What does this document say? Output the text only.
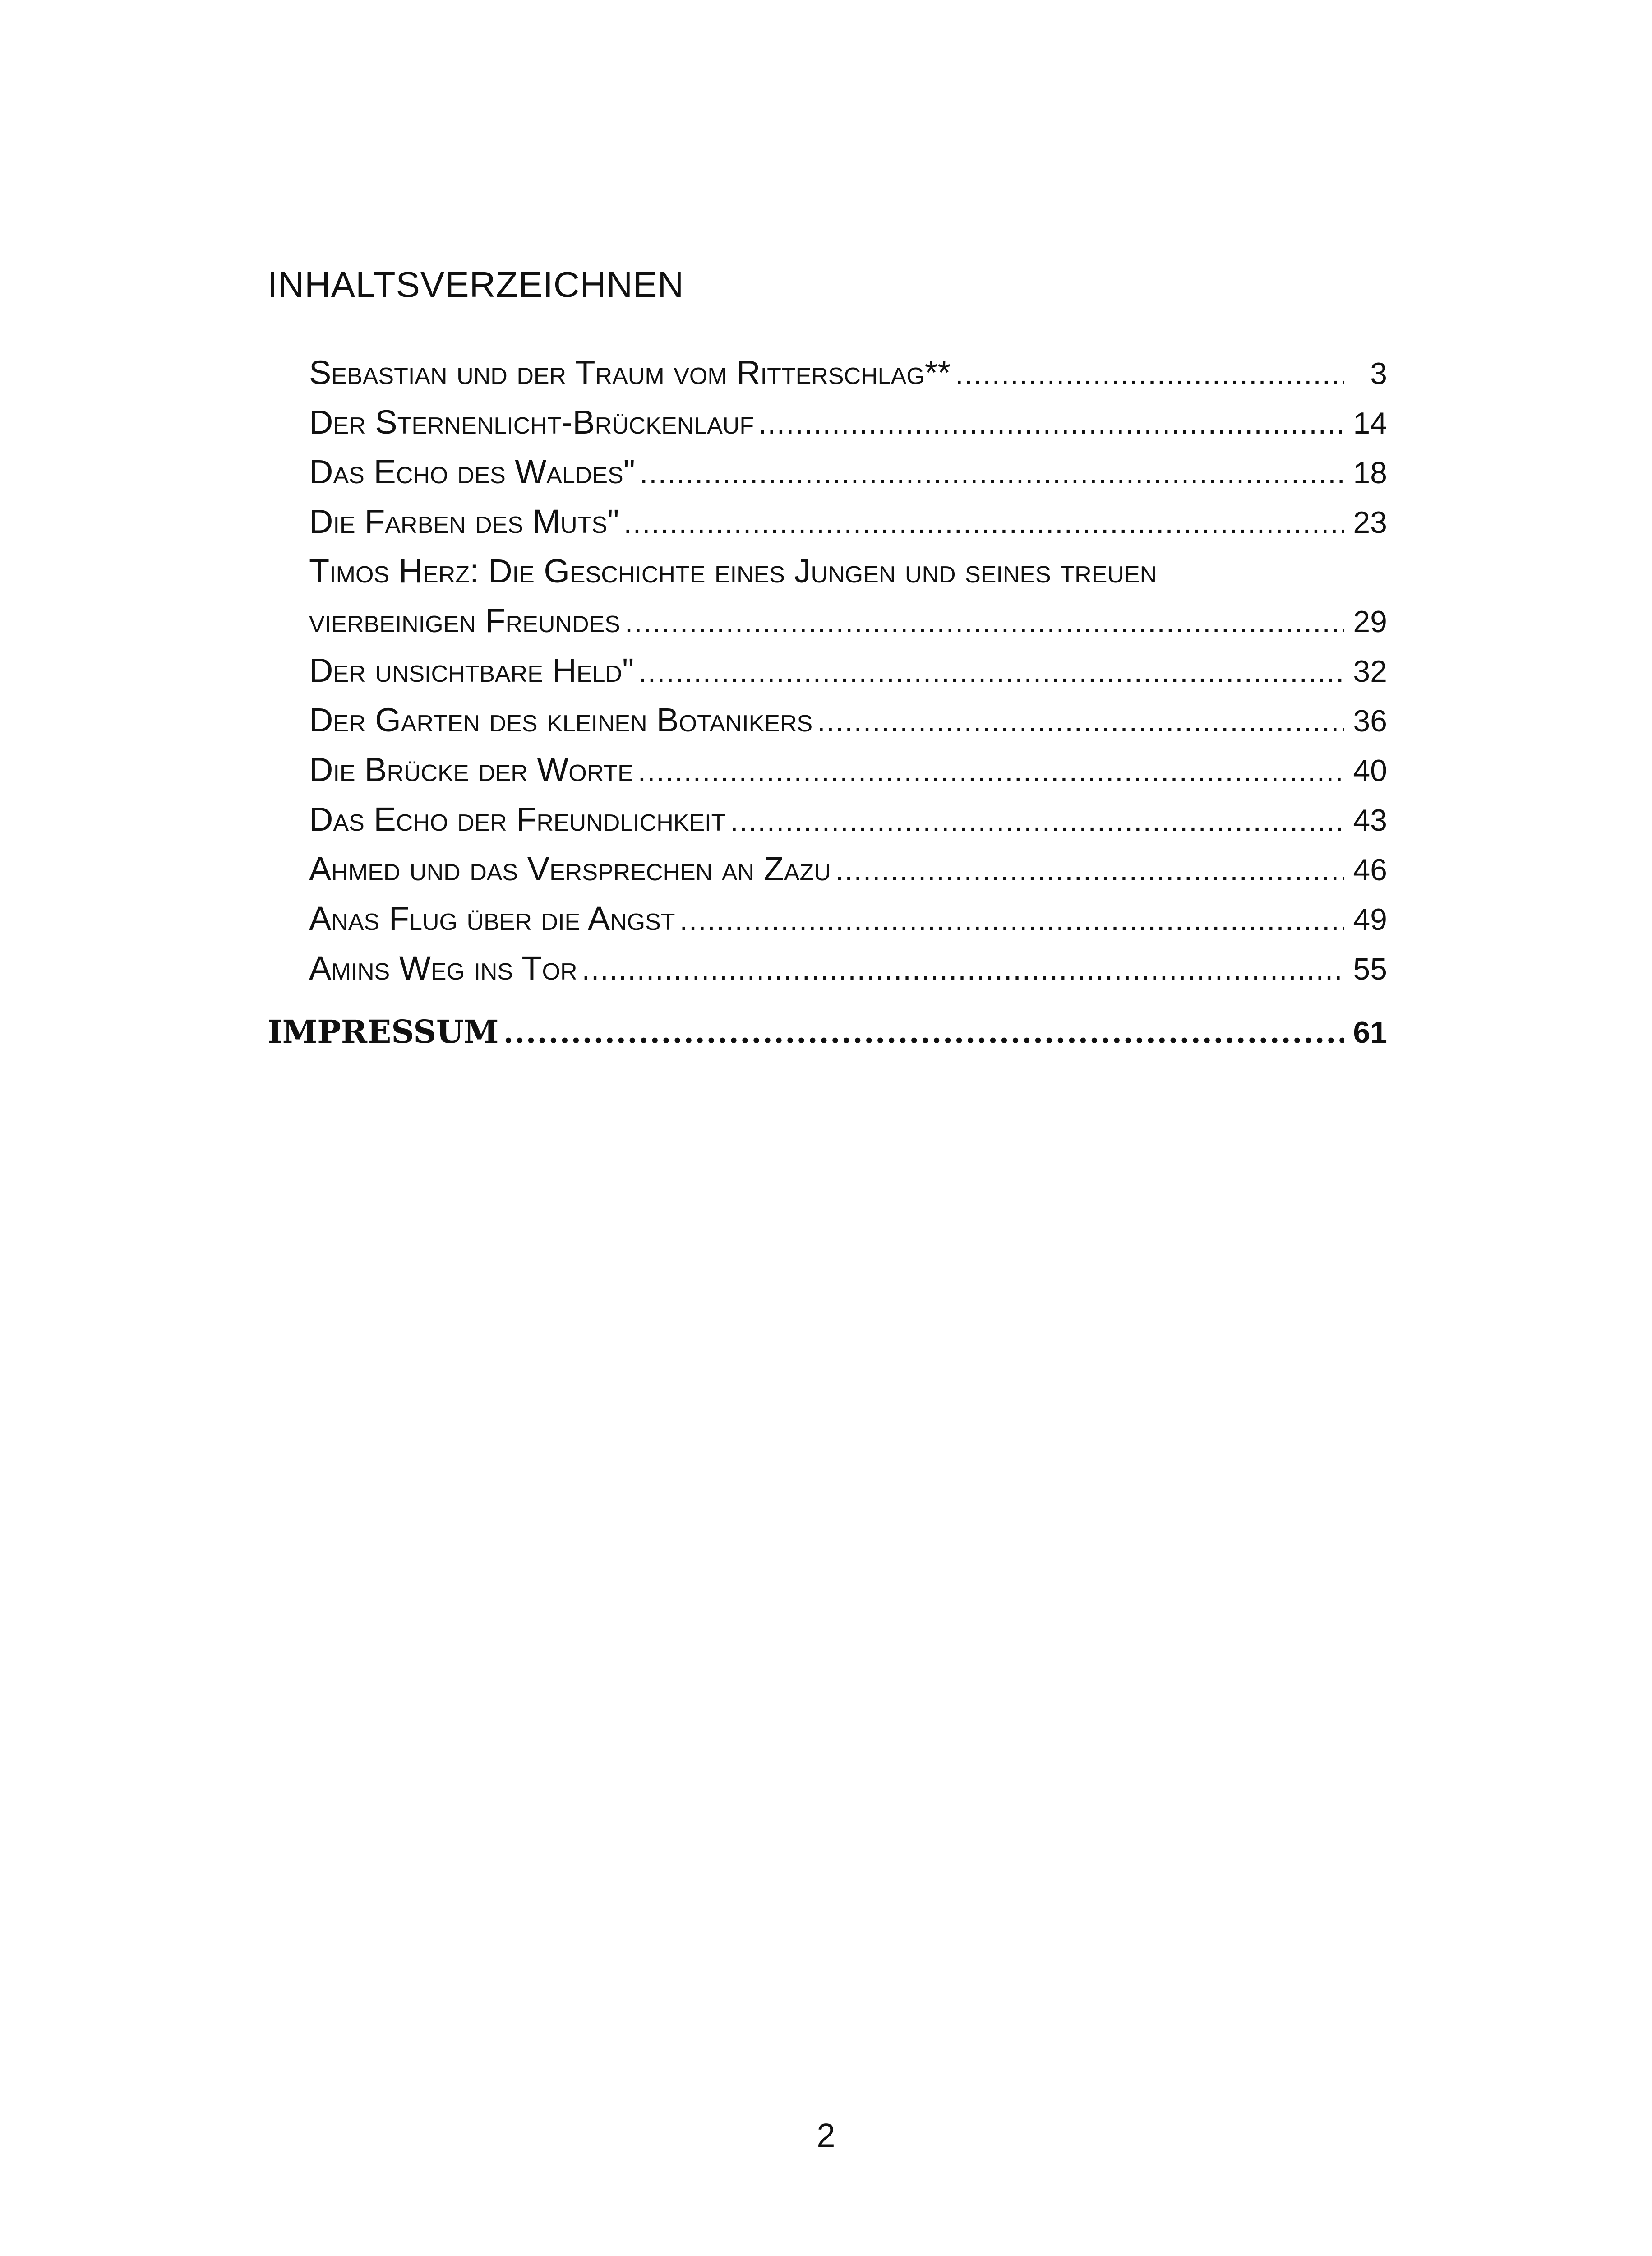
INHALTSVERZEICHNEN
Sebastian und der Traum vom Ritterschlag** .....	3
Der Sternenlicht-Brückenlauf .....	14
Das Echo des Waldes" .....	18
Die Farben des Muts" .....	23
Timos Herz: Die Geschichte eines Jungen und seines treuen
vierbeinigen Freundes .....	29
Der unsichtbare Held" .....	32
Der Garten des kleinen Botanikers .....	36
Die Brücke der Worte .....	40
Das Echo der Freundlichkeit .....	43
Ahmed und das Versprechen an Zazu .....	46
Anas Flug über die Angst .....	49
Amins Weg ins Tor .....	55
IMPRESSUM .....	61
2
